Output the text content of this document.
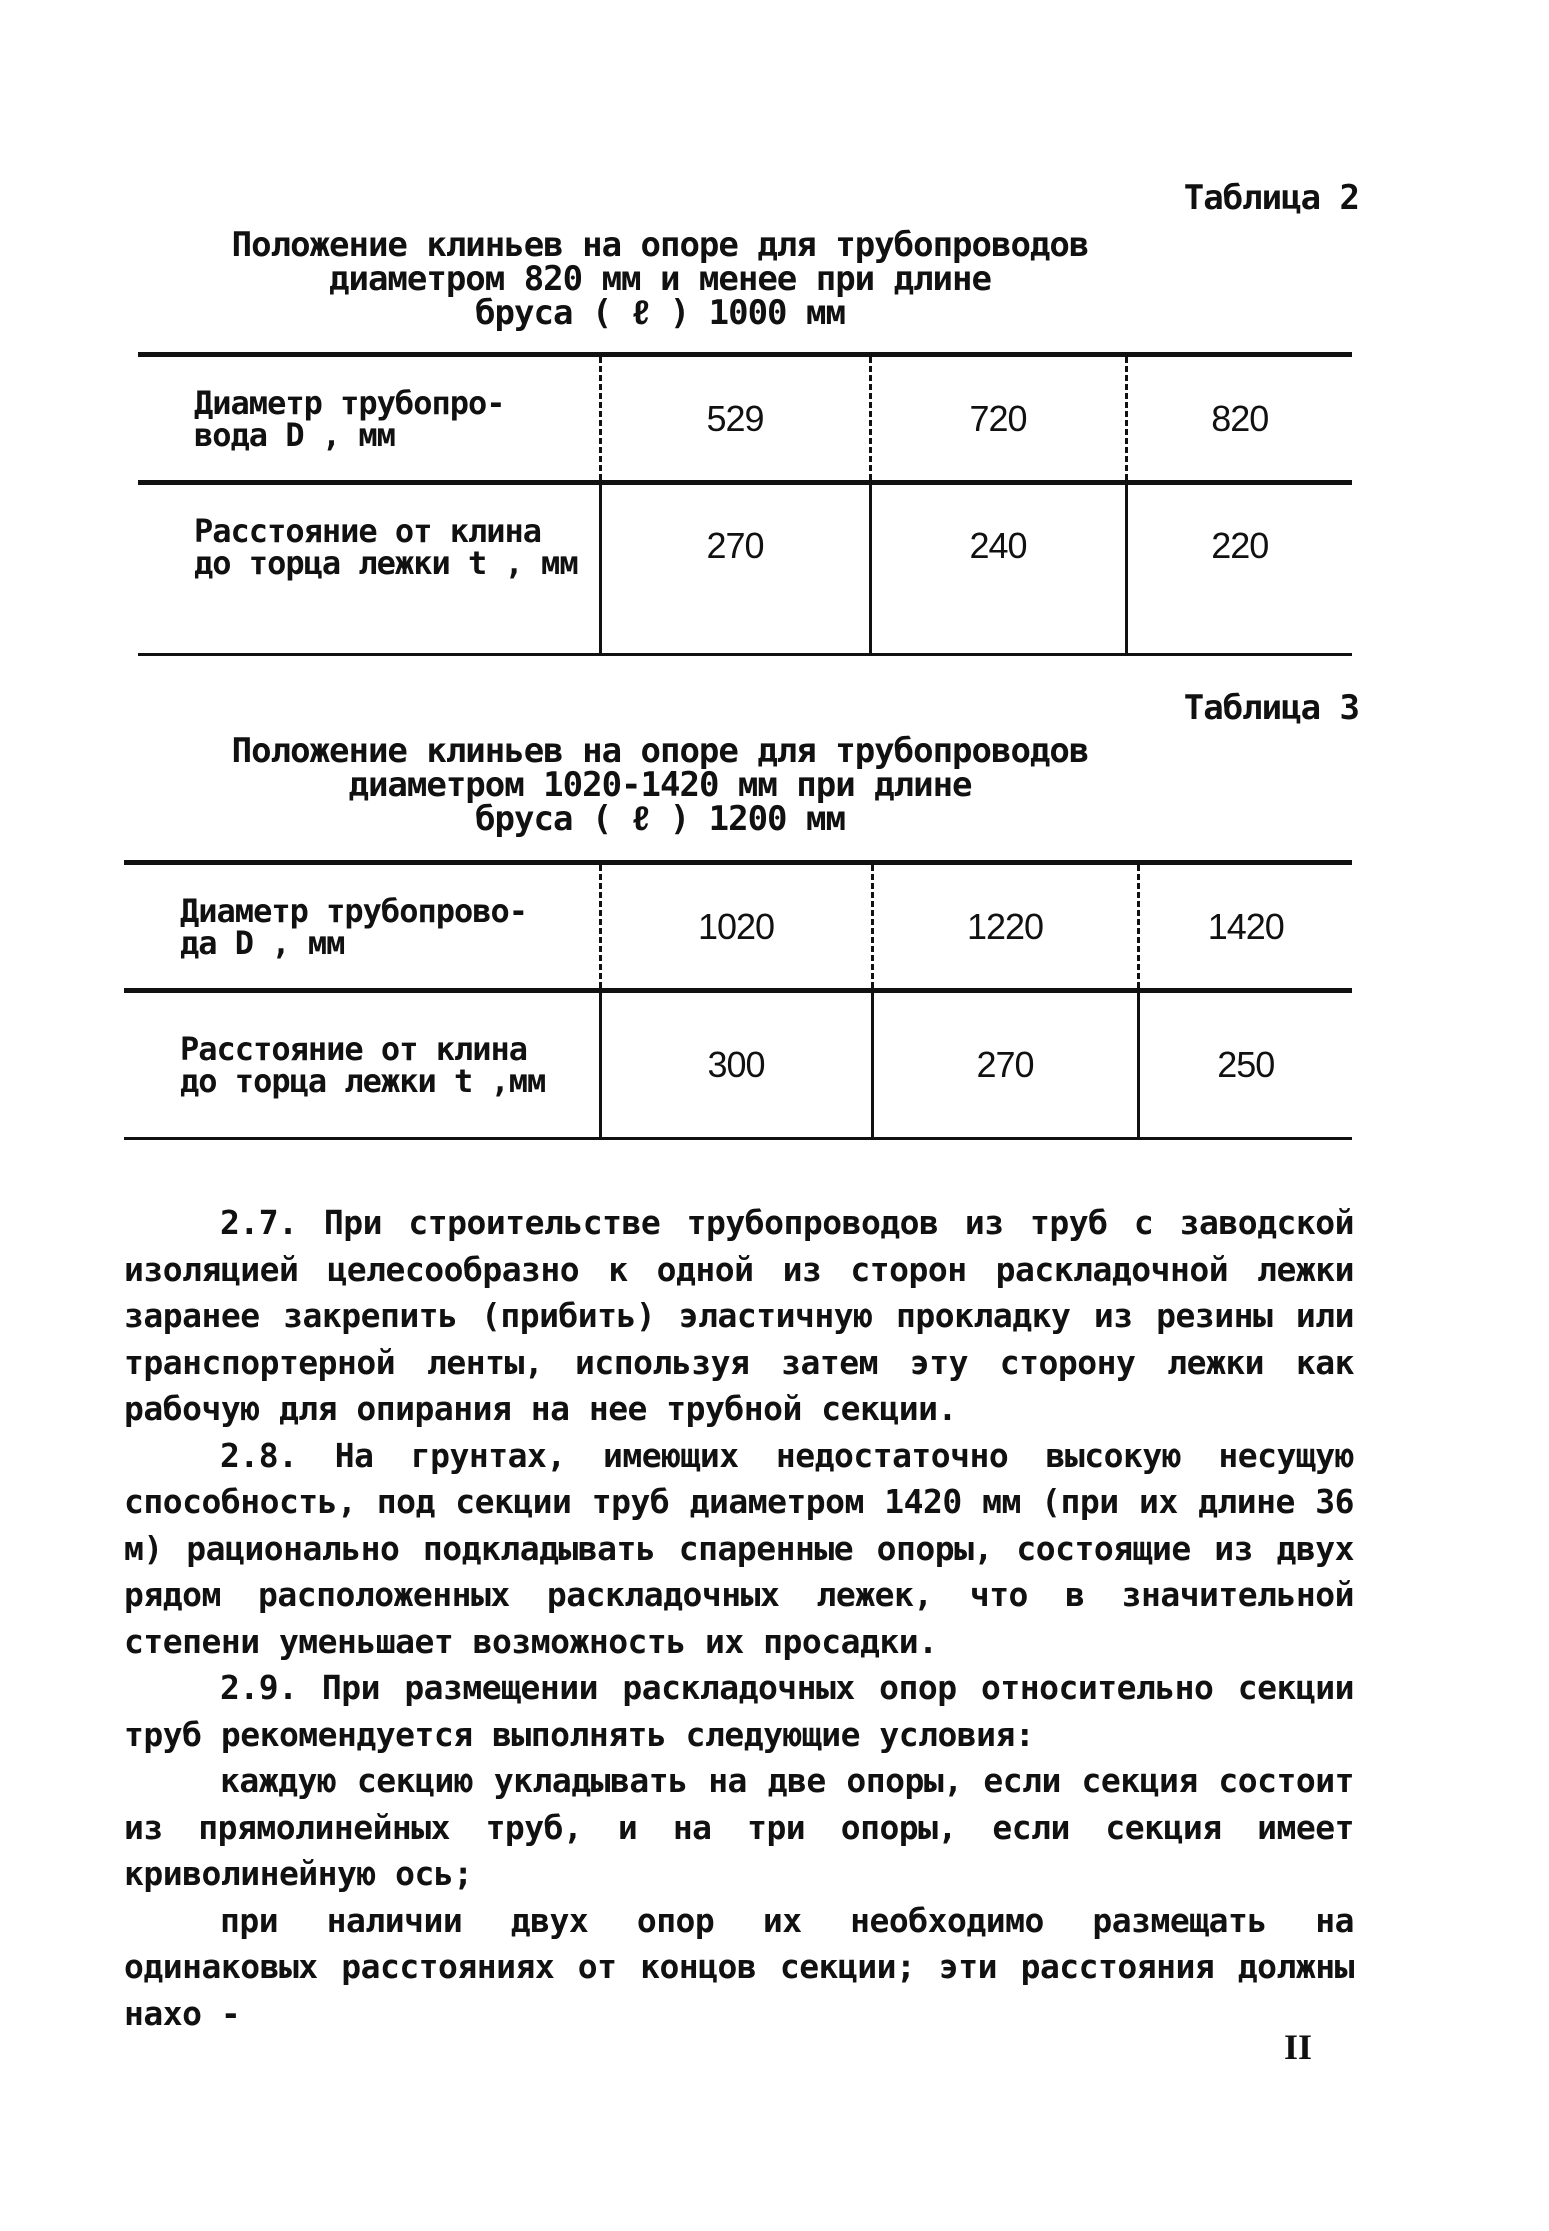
Таблица 2
Положение клиньев на опоре для трубопроводов
диаметром 820 мм и менее при длине
бруса ( ℓ ) 1000 мм
Диаметр трубопро-
вода D , мм	529	720	820

Расстояние от клина
до торца лежки t , мм	270	240	220
Таблица 3
Положение клиньев на опоре для трубопроводов
диаметром 1020-1420 мм при длине
бруса ( ℓ ) 1200 мм
Диаметр трубопрово-
да D , мм	1020	1220	1420

Расстояние от клина
до торца лежки t ,мм	300	270	250

2.7. При строительстве трубопроводов из труб с заводской изоляцией целесообразно к одной из сторон раскладочной лежки заранее закрепить (прибить) эластичную прокладку из резины или транспортерной ленты, используя затем эту сторону лежки как рабочую для опирания на нее трубной секции.

2.8. На грунтах, имеющих недостаточно высокую несущую способность, под секции труб диаметром 1420 мм (при их длине 36 м) рационально подкладывать спаренные опоры, состоящие из двух рядом расположенных раскладочных лежек, что в значительной степени уменьшает возможность их просадки.

2.9. При размещении раскладочных опор относительно секции труб рекомендуется выполнять следующие условия:

каждую секцию укладывать на две опоры, если секция состоит из прямолинейных труб, и на три опоры, если секция имеет криволинейную ось;

при наличии двух опор их необходимо размещать на одинаковых расстояниях от концов секции; эти расстояния должны нахо -

II
